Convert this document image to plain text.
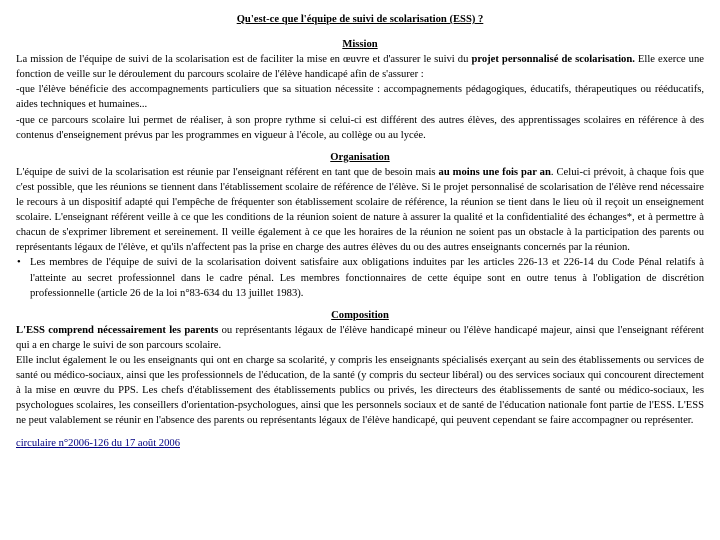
Qu'est-ce que l'équipe de suivi de scolarisation (ESS) ?
Mission

La mission de l'équipe de suivi de la scolarisation est de faciliter la mise en œuvre et d'assurer le suivi du projet personnalisé de scolarisation. Elle exerce une fonction de veille sur le déroulement du parcours scolaire de l'élève handicapé afin de s'assurer :

-que l'élève bénéficie des accompagnements particuliers que sa situation nécessite : accompagnements pédagogiques, éducatifs, thérapeutiques ou rééducatifs, aides techniques et humaines...

-que ce parcours scolaire lui permet de réaliser, à son propre rythme si celui-ci est différent des autres élèves, des apprentissages scolaires en référence à des contenus d'enseignement prévus par les programmes en vigueur à l'école, au collège ou au lycée.

Organisation

L'équipe de suivi de la scolarisation est réunie par l'enseignant référent en tant que de besoin mais au moins une fois par an. Celui-ci prévoit, à chaque fois que c'est possible, que les réunions se tiennent dans l'établissement scolaire de référence de l'élève. Si le projet personnalisé de scolarisation de l'élève rend nécessaire le recours à un dispositif adapté qui l'empêche de fréquenter son établissement scolaire de référence, la réunion se tient dans le lieu où il reçoit un enseignement scolaire. L'enseignant référent veille à ce que les conditions de la réunion soient de nature à assurer la qualité et la confidentialité des échanges*, et à permettre à chacun de s'exprimer librement et sereinement. Il veille également à ce que les horaires de la réunion ne soient pas un obstacle à la participation des parents ou représentants légaux de l'élève, et qu'ils n'affectent pas la prise en charge des autres élèves du ou des autres enseignants concernés par la réunion.

• Les membres de l'équipe de suivi de la scolarisation doivent satisfaire aux obligations induites par les articles 226-13 et 226-14 du Code Pénal relatifs à l'atteinte au secret professionnel dans le cadre pénal. Les membres fonctionnaires de cette équipe sont en outre tenus à l'obligation de discrétion professionnelle (article 26 de la loi n°83-634 du 13 juillet 1983).
Composition

L'ESS comprend nécessairement les parents ou représentants légaux de l'élève handicapé mineur ou l'élève handicapé majeur, ainsi que l'enseignant référent qui a en charge le suivi de son parcours scolaire.

Elle inclut également le ou les enseignants qui ont en charge sa scolarité, y compris les enseignants spécialisés exerçant au sein des établissements ou services de santé ou médico-sociaux, ainsi que les professionnels de l'éducation, de la santé (y compris du secteur libéral) ou des services sociaux qui concourent directement à la mise en œuvre du PPS. Les chefs d'établissement des établissements publics ou privés, les directeurs des établissements de santé ou médico-sociaux, les psychologues scolaires, les conseillers d'orientation-psychologues, ainsi que les personnels sociaux et de santé de l'éducation nationale font partie de l'ESS. L'ESS ne peut valablement se réunir en l'absence des parents ou représentants légaux de l'élève handicapé, qui peuvent cependant se faire accompagner ou représenter.

circulaire n°2006-126 du 17 août 2006
